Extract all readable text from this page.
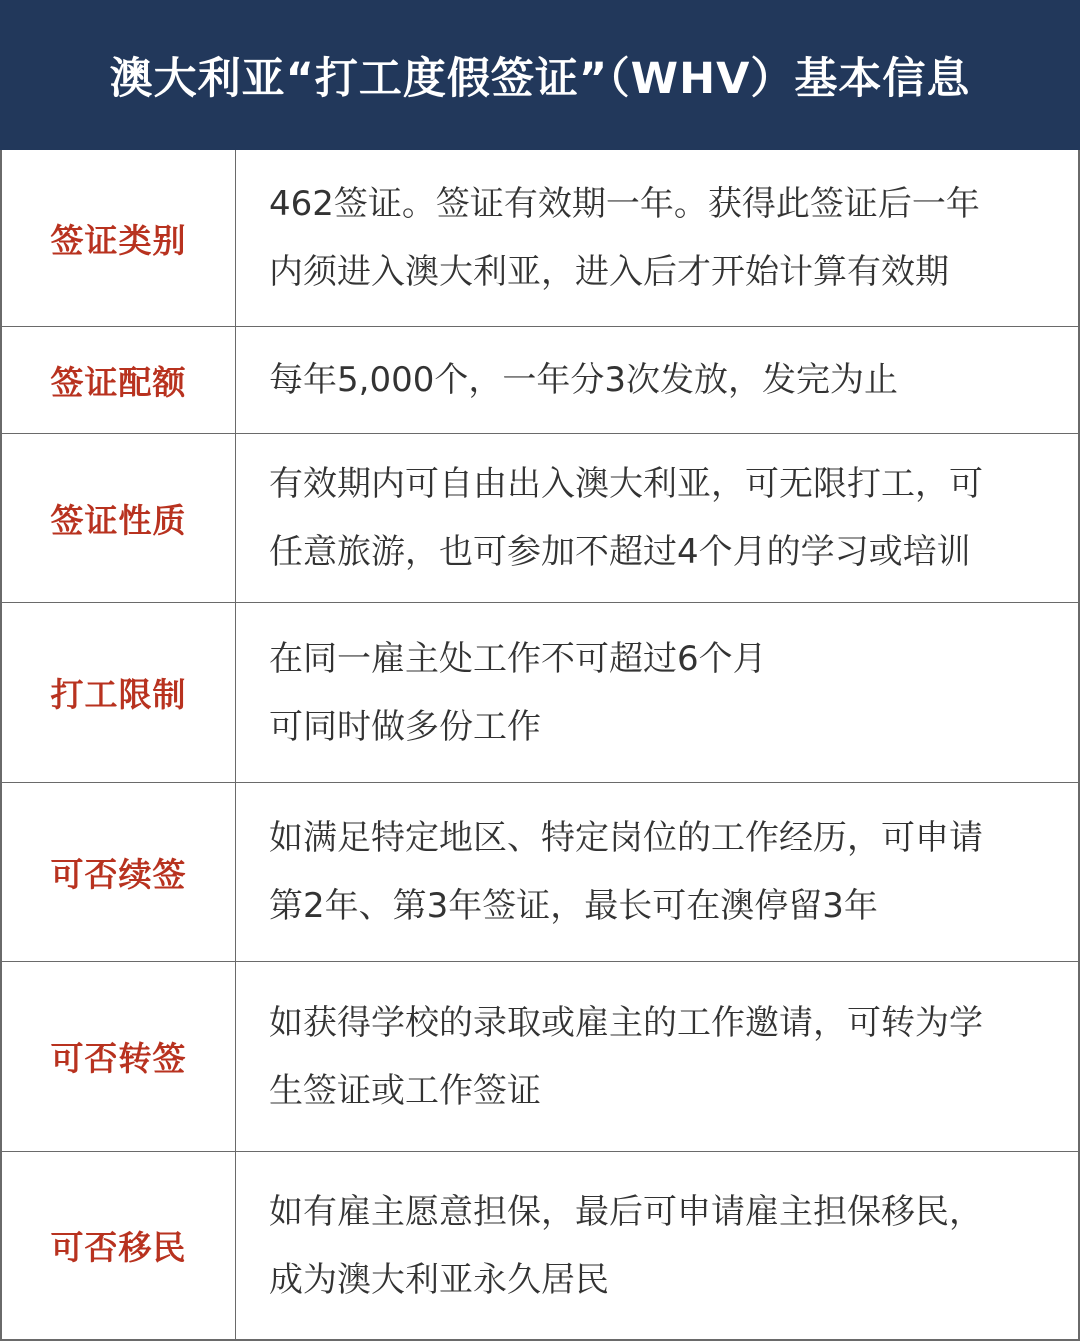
澳大利亚“打工度假签证”（WHV）基本信息
签证类别
462签证。签证有效期一年。获得此签证后一年
内须进入澳大利亚，进入后才开始计算有效期
签证配额 每年5,000个，一年分3次发放，发完为止
签证性质
有效期内可自由出入澳大利亚，可无限打工，可
任意旅游，也可参加不超过4个月的学习或培训
打工限制
在同一雇主处工作不可超过6个月
可同时做多份工作
可否续签
如满足特定地区、特定岗位的工作经历，可申请
第2年、第3年签证，最长可在澳停留3年
可否转签
如获得学校的录取或雇主的工作邀请，可转为学
生签证或工作签证
可否移民
如有雇主愿意担保，最后可申请雇主担保移民，
成为澳大利亚永久居民
